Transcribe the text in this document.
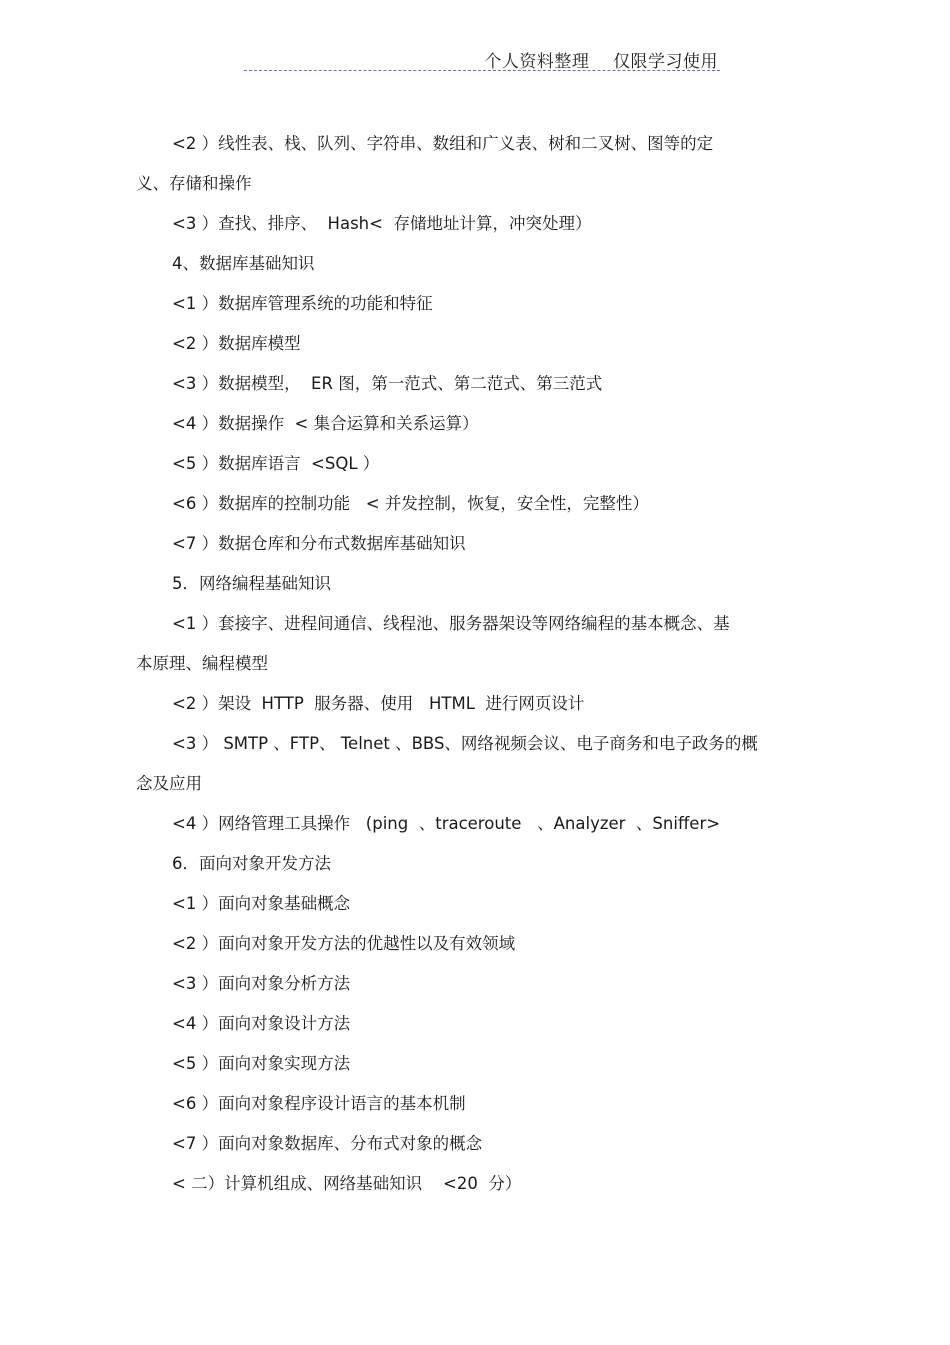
个人资料整理    仅限学习使用
<2 ）线性表、栈、队列、字符串、数组和广义表、树和二叉树、图等的定
义、存储和操作
<3 ）查找、排序、  Hash<  存储地址计算，冲突处理）
4、数据库基础知识
<1 ）数据库管理系统的功能和特征
<2 ）数据库模型
<3 ）数据模型，  ER 图，第一范式、第二范式、第三范式
<4 ）数据操作  < 集合运算和关系运算）
<5 ）数据库语言  <SQL ）
<6 ）数据库的控制功能   < 并发控制，恢复，安全性，完整性）
<7 ）数据仓库和分布式数据库基础知识
5．网络编程基础知识
<1 ）套接字、进程间通信、线程池、服务器架设等网络编程的基本概念、基
本原理、编程模型
<2 ）架设  HTTP  服务器、使用   HTML  进行网页设计
<3 ） SMTP 、FTP、 Telnet 、BBS、网络视频会议、电子商务和电子政务的概
念及应用
<4 ）网络管理工具操作   (ping  、traceroute   、Analyzer  、Sniffer>
6．面向对象开发方法
<1 ）面向对象基础概念
<2 ）面向对象开发方法的优越性以及有效领域
<3 ）面向对象分析方法
<4 ）面向对象设计方法
<5 ）面向对象实现方法
<6 ）面向对象程序设计语言的基本机制
<7 ）面向对象数据库、分布式对象的概念
< 二）计算机组成、网络基础知识    <20  分）
